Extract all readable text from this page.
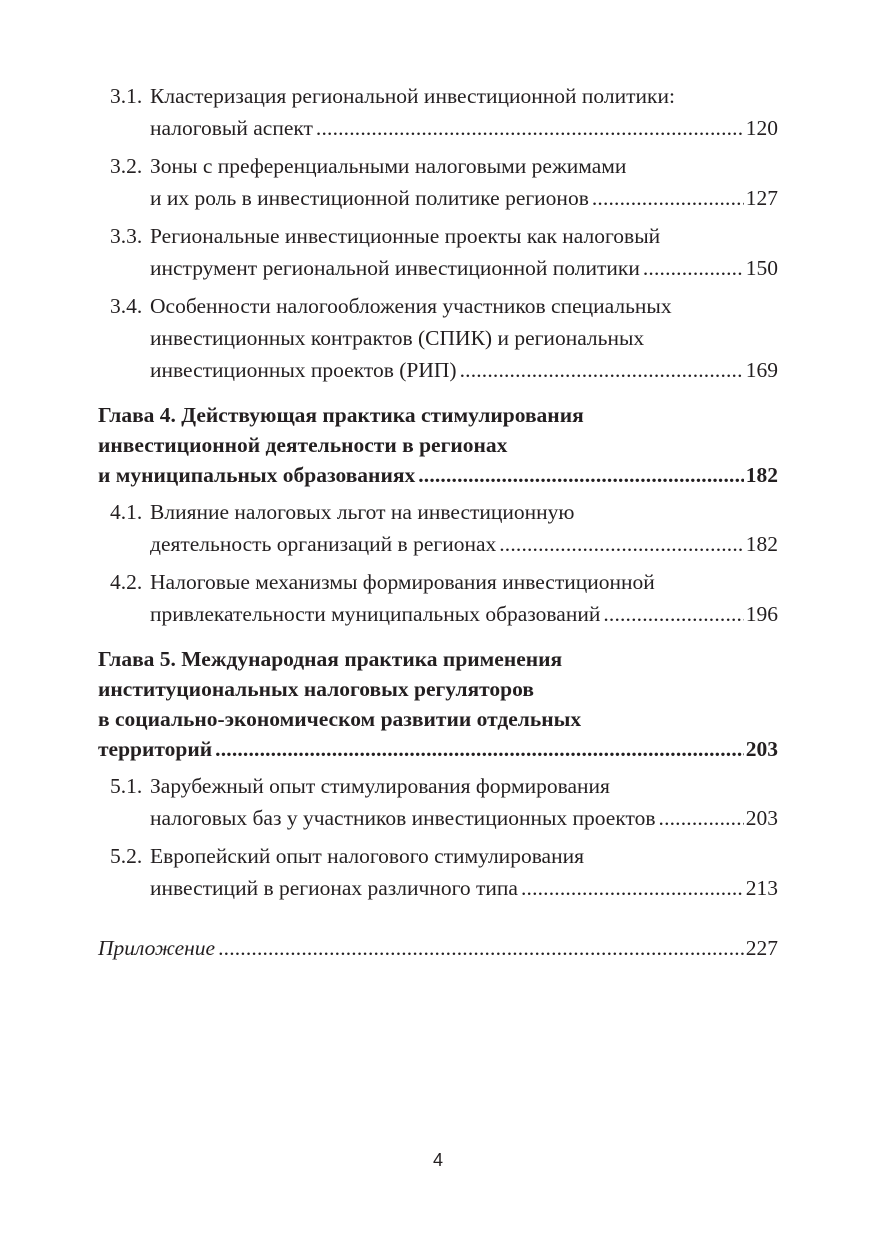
3.1. Кластеризация региональной инвестиционной политики:
налоговый аспект . . .	120
3.2. Зоны с преференциальными налоговыми режимами
и их роль в инвестиционной политике регионов . . .	127
3.3. Региональные инвестиционные проекты как налоговый
инструмент региональной инвестиционной политики . . .	150
3.4. Особенности налогообложения участников специальных
инвестиционных контрактов (СПИК) и региональных
инвестиционных проектов (РИП) . . .	169
Глава 4. Действующая практика стимулирования
инвестиционной деятельности в регионах
и муниципальных образованиях . . .	182
4.1. Влияние налоговых льгот на инвестиционную
деятельность организаций в регионах . . .	182
4.2. Налоговые механизмы формирования инвестиционной
привлекательности муниципальных образований . . .	196
Глава 5. Международная практика применения
институциональных налоговых регуляторов
в социально-экономическом развитии отдельных
территорий . . .	203
5.1. Зарубежный опыт стимулирования формирования
налоговых баз у участников инвестиционных проектов . . .	203
5.2. Европейский опыт налогового стимулирования
инвестиций в регионах различного типа . . .	213
Приложение . . .	227
4
